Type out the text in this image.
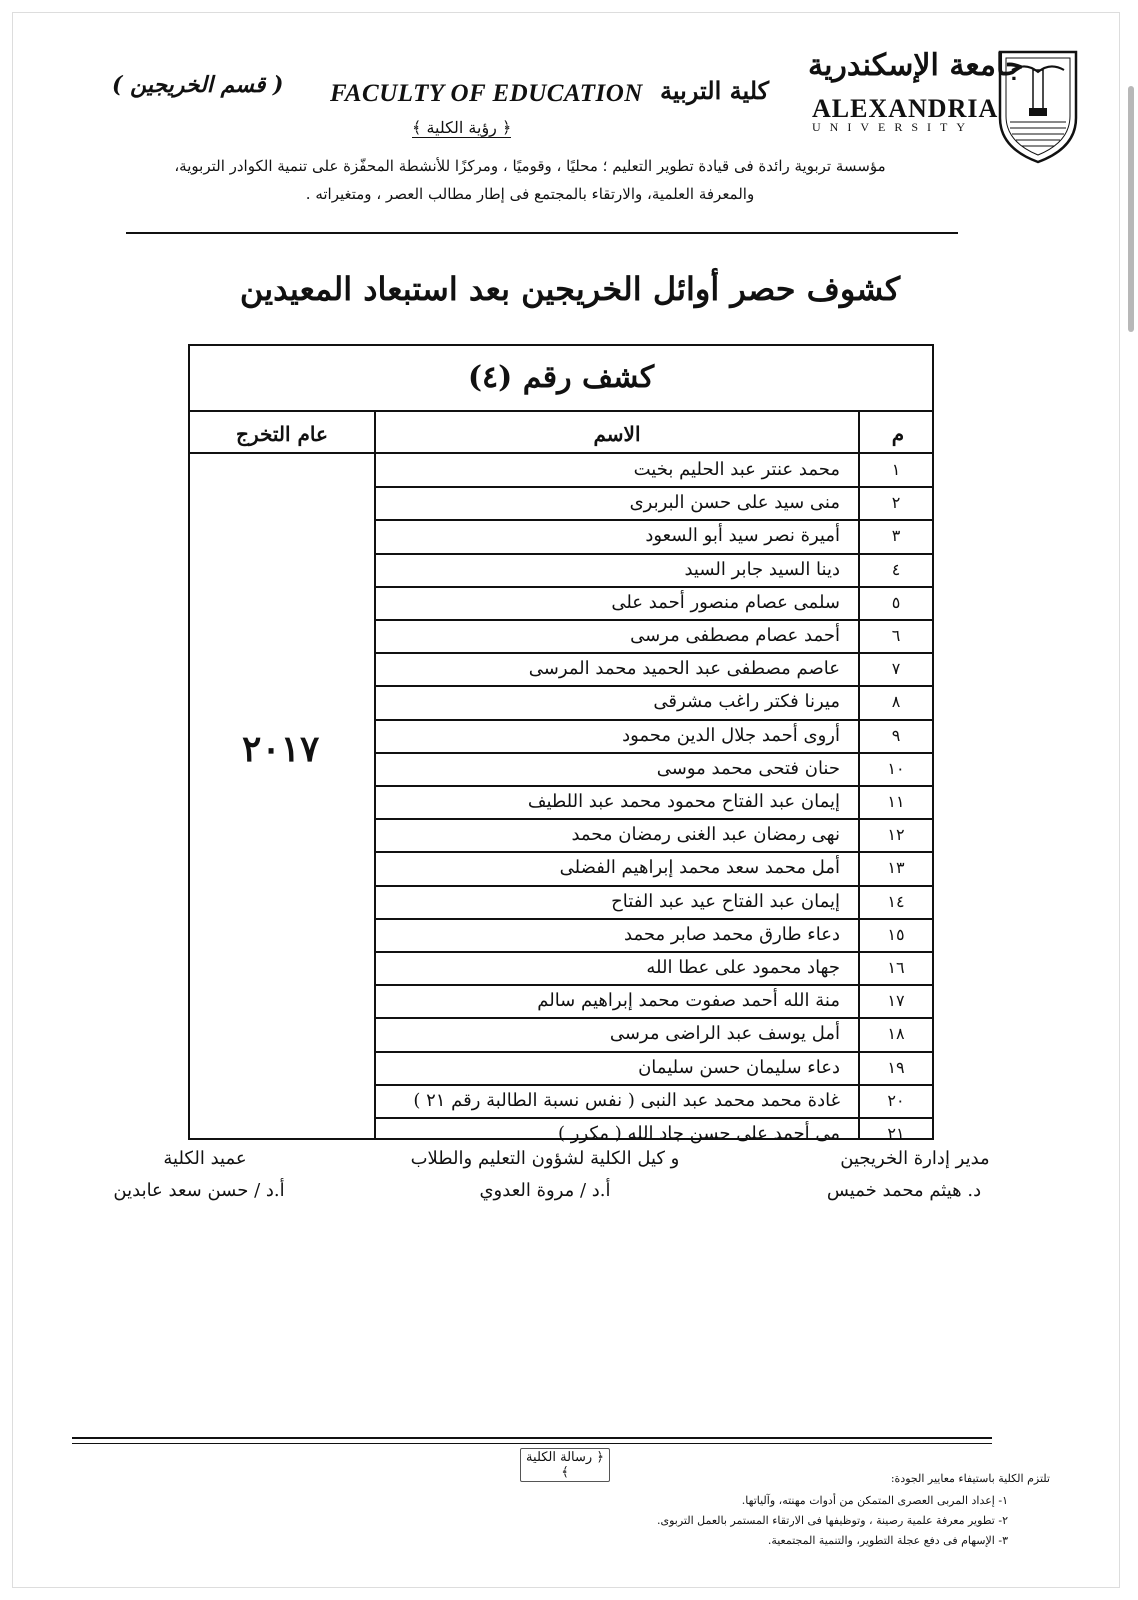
( قسم الخريجين ) FACULTY OF EDUCATION كلية التربية
﴿ رؤية الكلية ﴾
جامعة الإسكندرية
ALEXANDRIA
UNIVERSITY
مؤسسة تربوية رائدة فى قيادة تطوير التعليم ؛ محليًا ، وقوميًا ، ومركزًا للأنشطة المحفّزة على تنمية الكوادر التربوية،
والمعرفة العلمية، والارتقاء بالمجتمع فى إطار مطالب العصر ، ومتغيراته .
كشوف حصر أوائل الخريجين بعد استبعاد المعيدين
كشف رقم (٤)
م
الاسم
عام التخرج
٢٠١٧
١
محمد عنتر عبد الحليم بخيت
٢
منى سيد على حسن البربرى
٣
أميرة نصر سيد أبو السعود
٤
دينا السيد جابر السيد
٥
سلمى عصام منصور أحمد على
٦
أحمد عصام مصطفى مرسى
٧
عاصم مصطفى عبد الحميد محمد المرسى
٨
ميرنا فكتر راغب مشرقى
٩
أروى أحمد جلال الدين محمود
١٠
حنان فتحى محمد موسى
١١
إيمان عبد الفتاح محمود محمد عبد اللطيف
١٢
نهى رمضان عبد الغنى رمضان محمد
١٣
أمل محمد سعد محمد إبراهيم الفضلى
١٤
إيمان عبد الفتاح عيد عبد الفتاح
١٥
دعاء طارق محمد صابر محمد
١٦
جهاد محمود على عطا الله
١٧
منة الله أحمد صفوت محمد إبراهيم سالم
١٨
أمل يوسف عبد الراضى مرسى
١٩
دعاء سليمان حسن سليمان
٢٠
غادة محمد محمد عبد النبى ( نفس نسبة الطالبة رقم ٢١ )
٢١
مى أحمد على حسن جاد الله ( مكرر )
عميد الكلية
أ.د / حسن سعد عابدين
و كيل الكلية لشؤون التعليم والطلاب
أ.د / مروة العدوي
مدير إدارة الخريجين
د. هيثم محمد خميس
﴿ رسالة الكلية ﴾	تلتزم الكلية باستيفاء معايير الجودة:
١- إعداد المربى العصرى المتمكن من أدوات مهنته، وآلياتها.
٢- تطوير معرفة علمية رصينة ، وتوظيفها فى الارتقاء المستمر بالعمل التربوى.
٣- الإسهام فى دفع عجلة التطوير، والتنمية المجتمعية.
